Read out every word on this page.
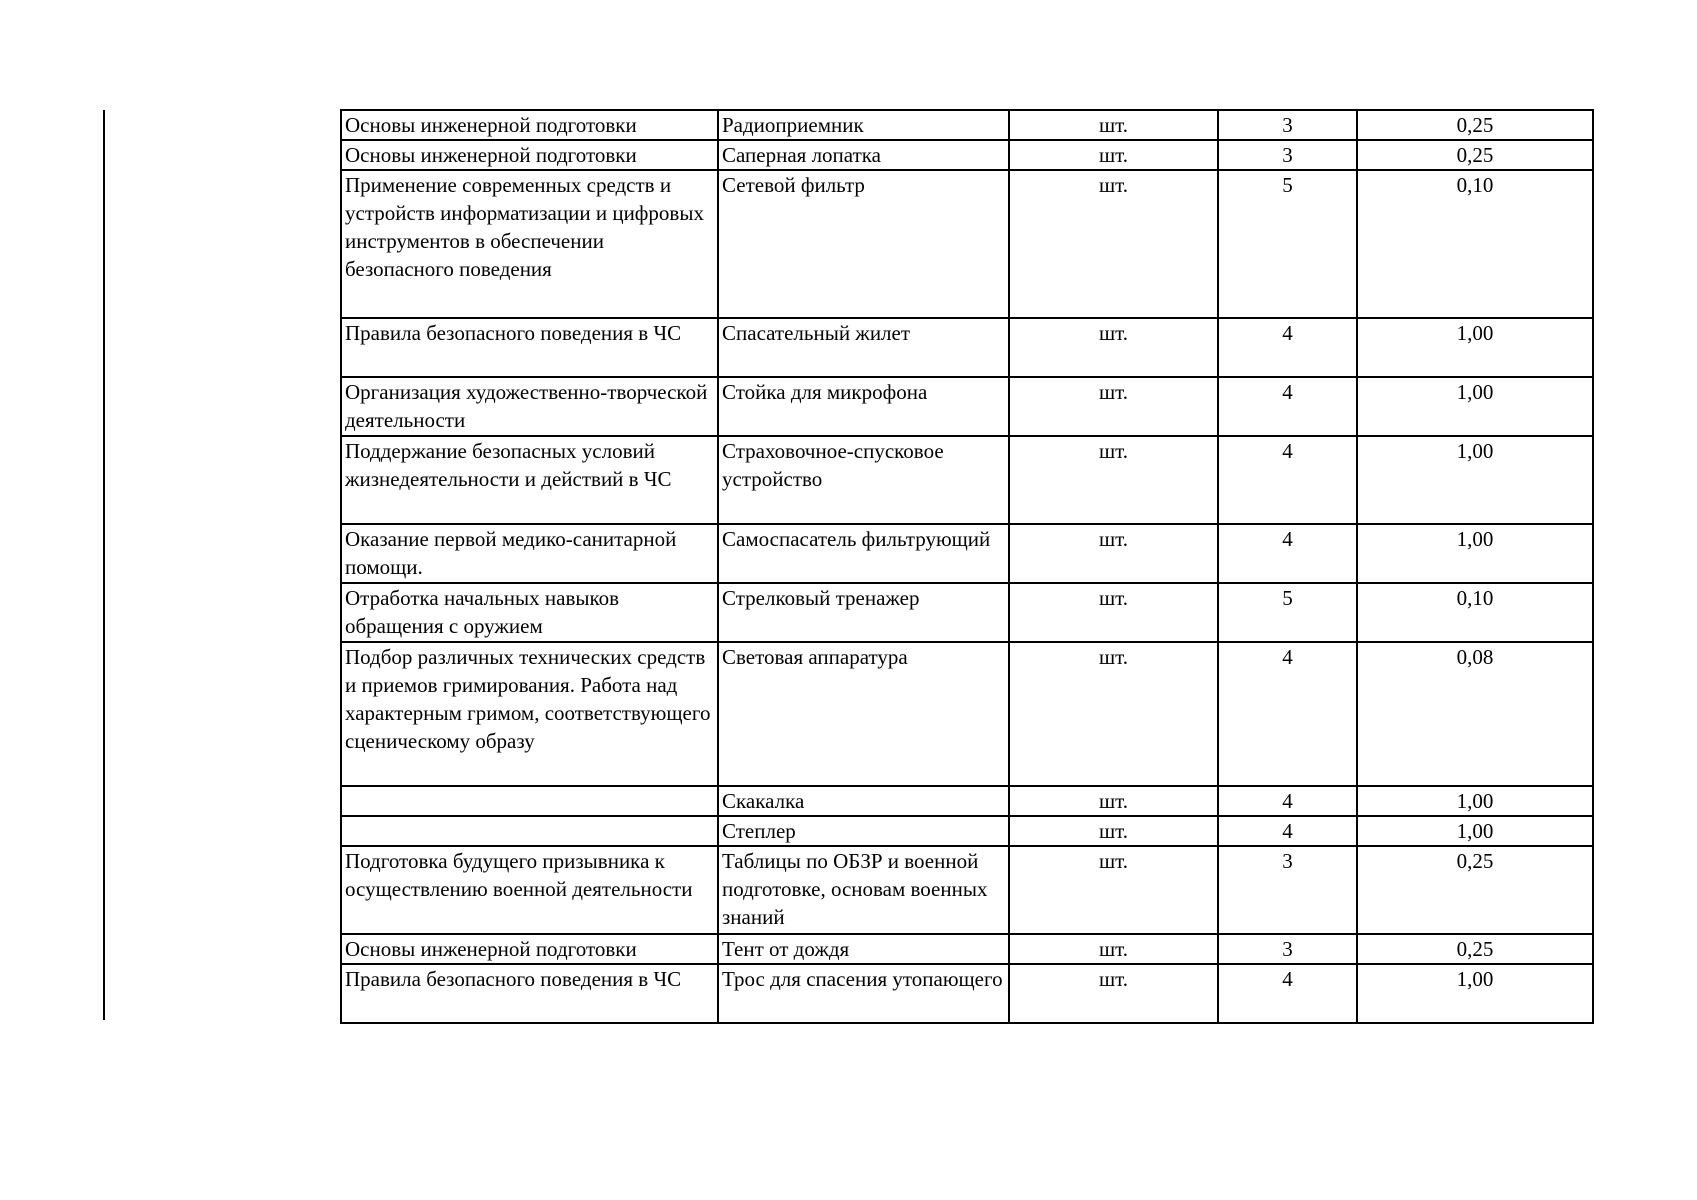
Основы инженерной подготовки	Радиоприемник	шт.	3	0,25
Основы инженерной подготовки	Саперная лопатка	шт.	3	0,25
Применение современных средств и устройств информатизации и цифровых инструментов в обеспечении безопасного поведения	Сетевой фильтр	шт.	5	0,10
Правила безопасного поведения в ЧС	Спасательный жилет	шт.	4	1,00
Организация художественно-творческой деятельности	Стойка для микрофона	шт.	4	1,00
Поддержание безопасных условий жизнедеятельности и действий в ЧС	Страховочное-спусковое устройство	шт.	4	1,00
Оказание первой медико-санитарной помощи.	Самоспасатель фильтрующий	шт.	4	1,00
Отработка начальных навыков обращения с оружием	Стрелковый тренажер	шт.	5	0,10
Подбор различных технических средств и приемов гримирования. Работа над характерным гримом, соответствующего сценическому образу	Световая аппаратура	шт.	4	0,08
	Скакалка	шт.	4	1,00
	Степлер	шт.	4	1,00
Подготовка будущего призывника к осуществлению военной деятельности	Таблицы по ОБЗР и военной подготовке, основам военных знаний	шт.	3	0,25
Основы инженерной подготовки	Тент от дождя	шт.	3	0,25
Правила безопасного поведения в ЧС	Трос для спасения утопающего	шт.	4	1,00
